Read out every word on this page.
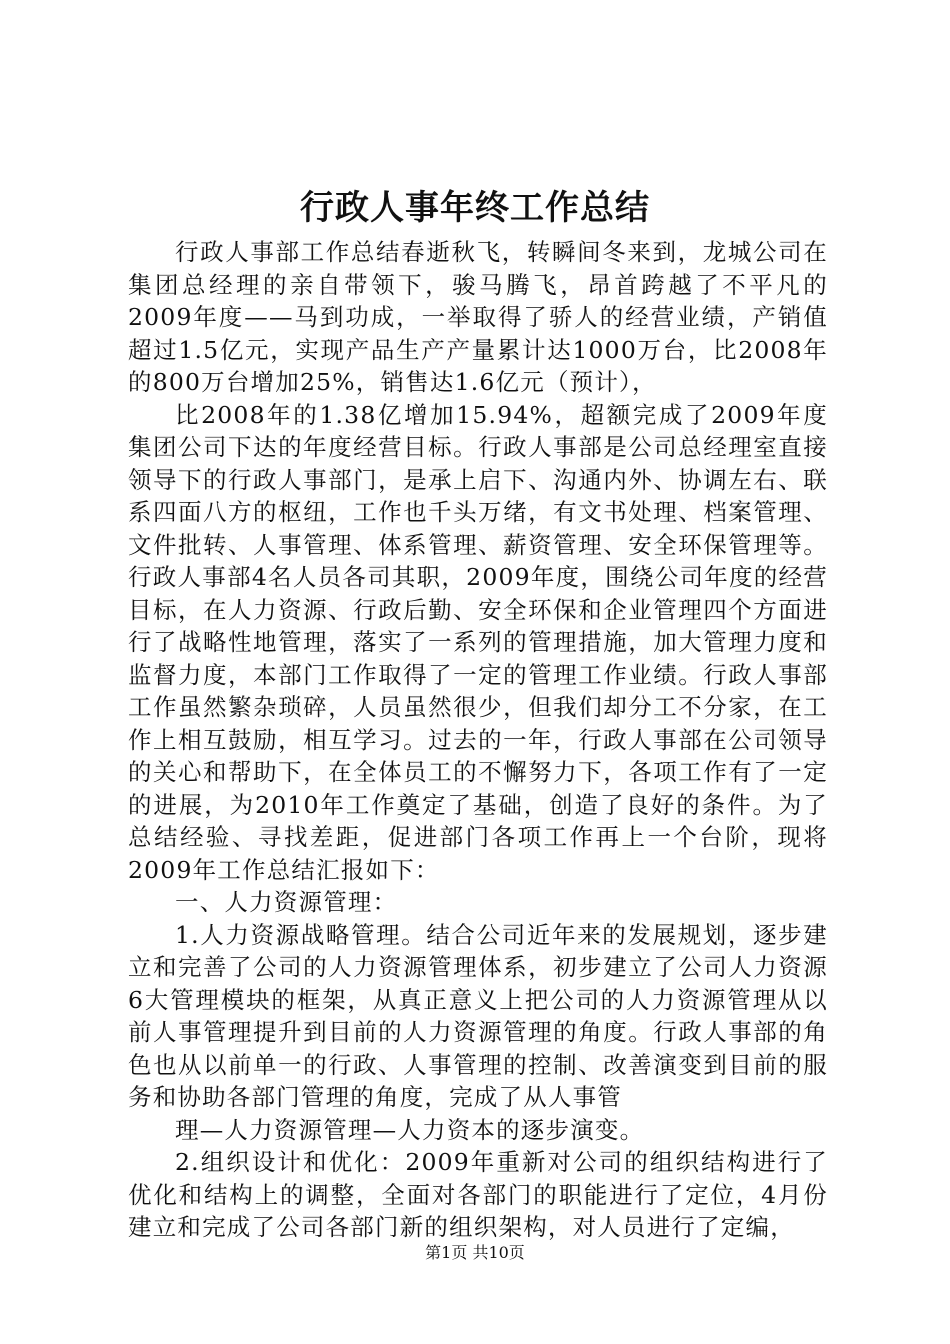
行政人事年终工作总结

行政人事部工作总结春逝秋飞，转瞬间冬来到，龙城公司在集团总经理的亲自带领下，骏马腾飞，昂首跨越了不平凡的2009年度——马到功成，一举取得了骄人的经营业绩，产销值超过1.5亿元，实现产品生产产量累计达1000万台，比2008年的800万台增加25%，销售达1.6亿元（预计），

比2008年的1.38亿增加15.94%，超额完成了2009年度集团公司下达的年度经营目标。行政人事部是公司总经理室直接领导下的行政人事部门，是承上启下、沟通内外、协调左右、联系四面八方的枢纽，工作也千头万绪，有文书处理、档案管理、文件批转、人事管理、体系管理、薪资管理、安全环保管理等。行政人事部4名人员各司其职，2009年度，围绕公司年度的经营目标，在人力资源、行政后勤、安全环保和企业管理四个方面进行了战略性地管理，落实了一系列的管理措施，加大管理力度和监督力度，本部门工作取得了一定的管理工作业绩。行政人事部工作虽然繁杂琐碎，人员虽然很少，但我们却分工不分家，在工作上相互鼓励，相互学习。过去的一年，行政人事部在公司领导的关心和帮助下，在全体员工的不懈努力下，各项工作有了一定的进展，为2010年工作奠定了基础，创造了良好的条件。为了总结经验、寻找差距，促进部门各项工作再上一个台阶，现将2009年工作总结汇报如下：

一、人力资源管理：

1.人力资源战略管理。结合公司近年来的发展规划，逐步建立和完善了公司的人力资源管理体系，初步建立了公司人力资源6大管理模块的框架，从真正意义上把公司的人力资源管理从以前人事管理提升到目前的人力资源管理的角度。行政人事部的角色也从以前单一的行政、人事管理的控制、改善演变到目前的服务和协助各部门管理的角度，完成了从人事管

理—人力资源管理—人力资本的逐步演变。

2.组织设计和优化：2009年重新对公司的组织结构进行了优化和结构上的调整，全面对各部门的职能进行了定位，4月份建立和完成了公司各部门新的组织架构，对人员进行了定编，

第1页 共10页
